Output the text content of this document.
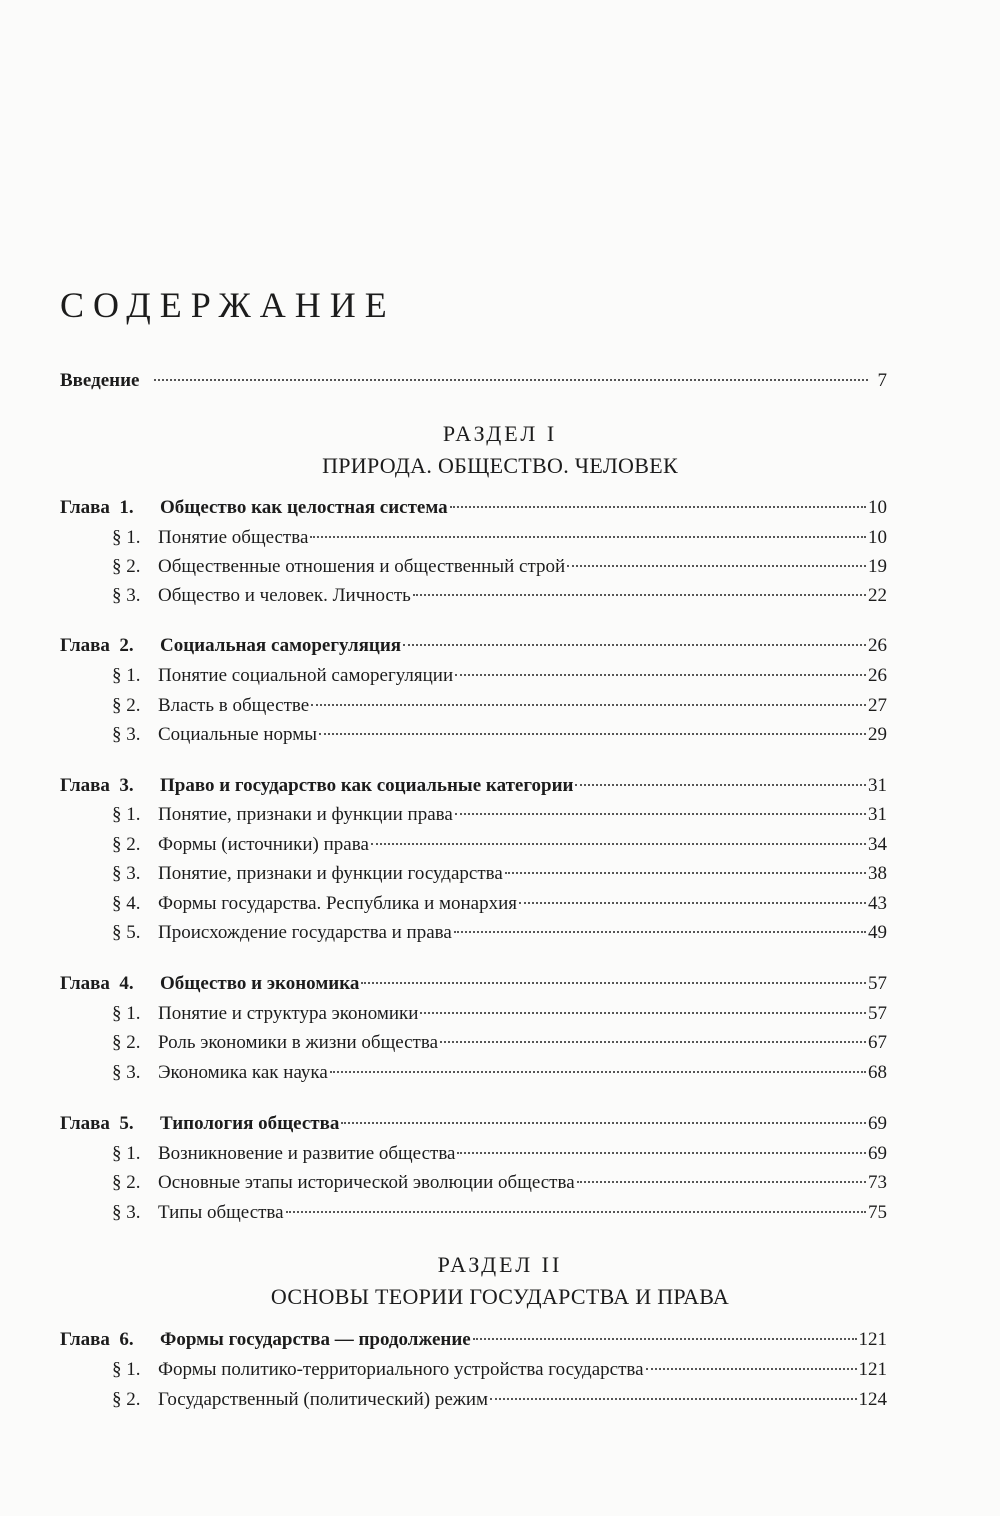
СОДЕРЖАНИЕ
Введение	7
РАЗДЕЛ I
ПРИРОДА. ОБЩЕСТВО. ЧЕЛОВЕК
Глава 1.	Общество как целостная система	10
§ 1. Понятие общества	10
§ 2. Общественные отношения и общественный строй	19
§ 3. Общество и человек. Личность	22
Глава 2.	Социальная саморегуляция	26
§ 1. Понятие социальной саморегуляции	26
§ 2. Власть в обществе	27
§ 3. Социальные нормы	29
Глава 3.	Право и государство как социальные категории	31
§ 1. Понятие, признаки и функции права	31
§ 2. Формы (источники) права	34
§ 3. Понятие, признаки и функции государства	38
§ 4. Формы государства. Республика и монархия	43
§ 5. Происхождение государства и права	49
Глава 4.	Общество и экономика	57
§ 1. Понятие и структура экономики	57
§ 2. Роль экономики в жизни общества	67
§ 3. Экономика как наука	68
Глава 5.	Типология общества	69
§ 1. Возникновение и развитие общества	69
§ 2. Основные этапы исторической эволюции общества	73
§ 3. Типы общества	75
РАЗДЕЛ II
ОСНОВЫ ТЕОРИИ ГОСУДАРСТВА И ПРАВА
Глава 6.	Формы государства — продолжение	121
§ 1. Формы политико-территориального устройства государства	121
§ 2. Государственный (политический) режим	124
